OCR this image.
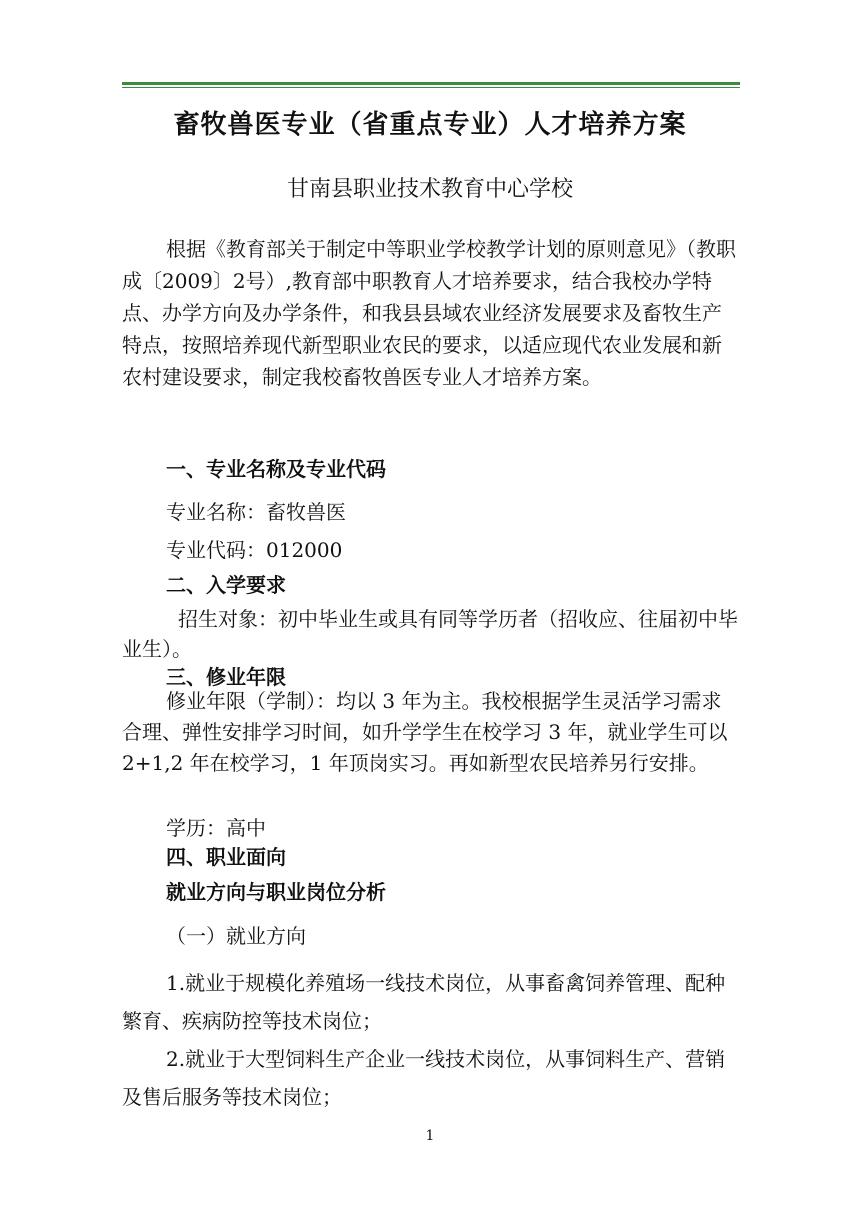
畜牧兽医专业（省重点专业）人才培养方案
甘南县职业技术教育中心学校
根据《教育部关于制定中等职业学校教学计划的原则意见》（教职成〔2009〕2号）,教育部中职教育人才培养要求，结合我校办学特点、办学方向及办学条件，和我县县域农业经济发展要求及畜牧生产特点，按照培养现代新型职业农民的要求，以适应现代农业发展和新农村建设要求，制定我校畜牧兽医专业人才培养方案。
一、专业名称及专业代码
专业名称：畜牧兽医
专业代码：012000
二、入学要求
招生对象：初中毕业生或具有同等学历者（招收应、往届初中毕业生）。
三、修业年限
修业年限（学制）：均以 3 年为主。我校根据学生灵活学习需求合理、弹性安排学习时间，如升学学生在校学习 3 年，就业学生可以 2+1,2 年在校学习，1 年顶岗实习。再如新型农民培养另行安排。
学历：高中
四、职业面向
就业方向与职业岗位分析
（一）就业方向
1.就业于规模化养殖场一线技术岗位，从事畜禽饲养管理、配种繁育、疾病防控等技术岗位；
2.就业于大型饲料生产企业一线技术岗位，从事饲料生产、营销及售后服务等技术岗位；
1
